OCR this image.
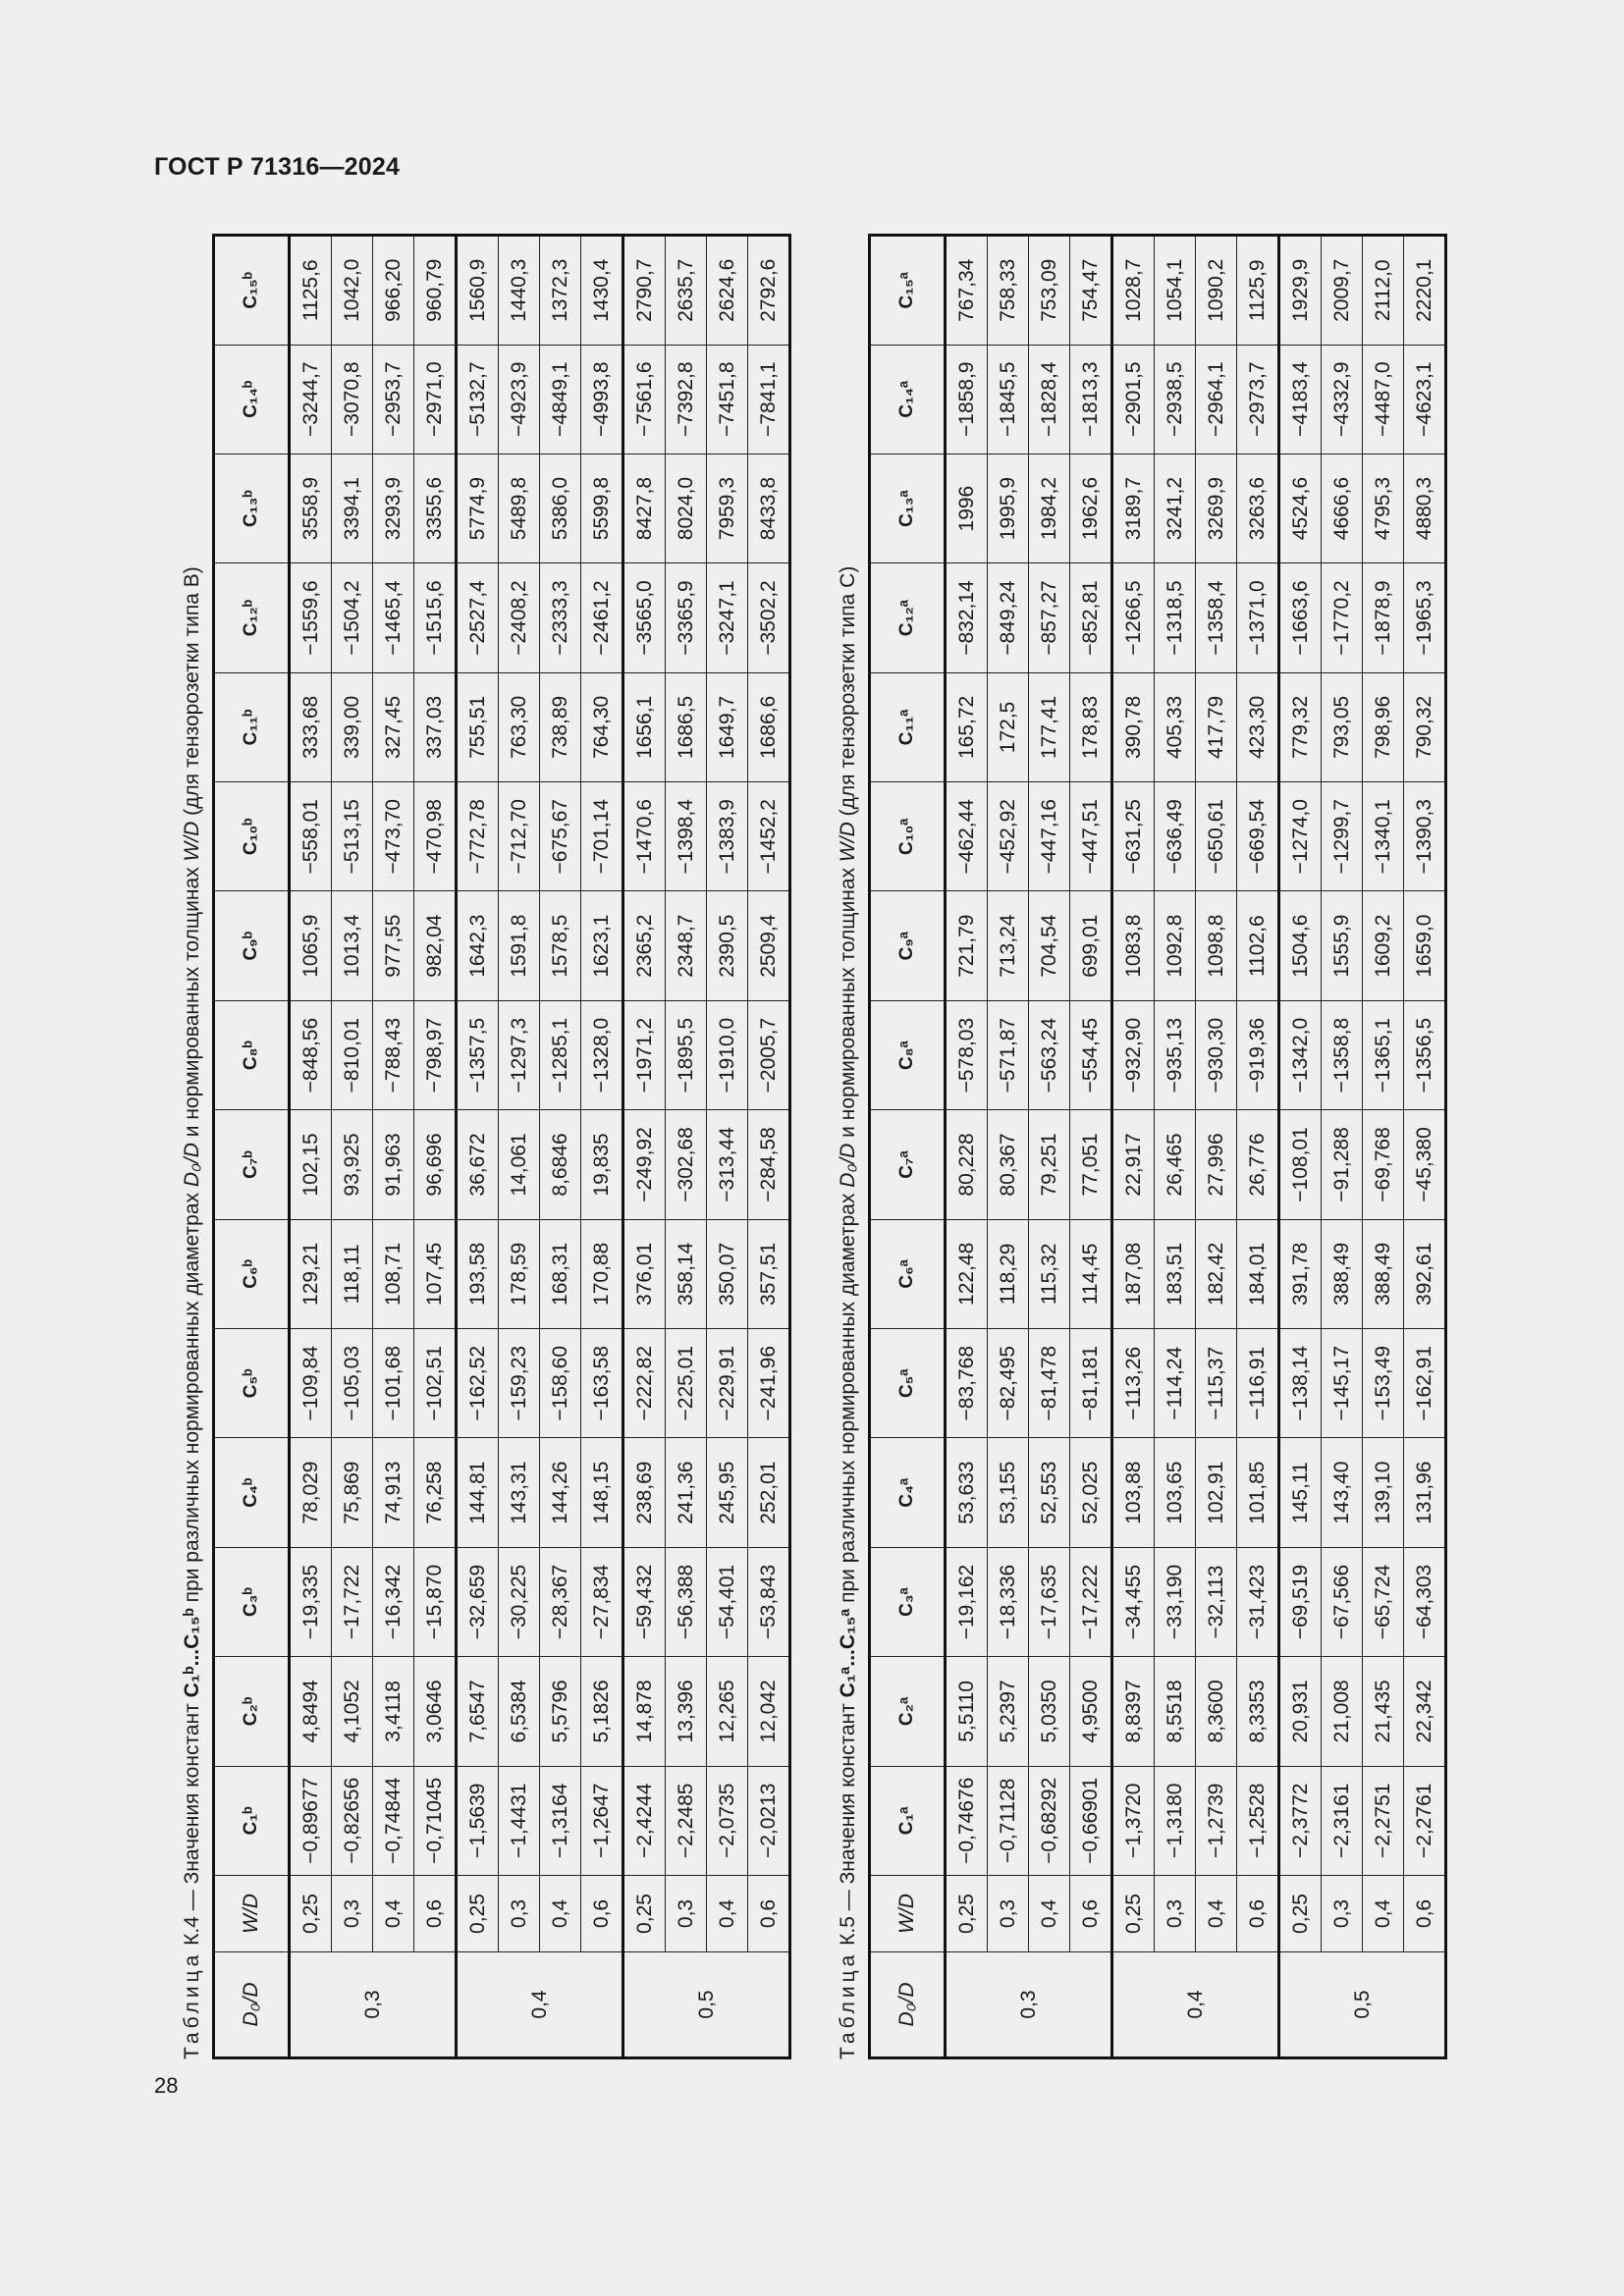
ГОСТ Р 71316—2024
Таблица К.4 — Значения констант C₁ᵇ...C₁₅ᵇ при различных нормированных диаметрах D₀/D и нормированных толщинах W/D (для тензорозетки типа В)
D₀/D	W/D	C₁ᵇ	C₂ᵇ	C₃ᵇ	C₄ᵇ	C₅ᵇ	C₆ᵇ	C₇ᵇ	C₈ᵇ	C₉ᵇ	C₁₀ᵇ	C₁₁ᵇ	C₁₂ᵇ	C₁₃ᵇ	C₁₄ᵇ	C₁₅ᵇ
0,3	0,25	−0,89677	4,8494	−19,335	78,029	−109,84	129,21	102,15	−848,56	1065,9	−558,01	333,68	−1559,6	3558,9	−3244,7	1125,6
	0,3	−0,82656	4,1052	−17,722	75,869	−105,03	118,11	93,925	−810,01	1013,4	−513,15	339,00	−1504,2	3394,1	−3070,8	1042,0
	0,4	−0,74844	3,4118	−16,342	74,913	−101,68	108,71	91,963	−788,43	977,55	−473,70	327,45	−1465,4	3293,9	−2953,7	966,20
	0,6	−0,71045	3,0646	−15,870	76,258	−102,51	107,45	96,696	−798,97	982,04	−470,98	337,03	−1515,6	3355,6	−2971,0	960,79
0,4	0,25	−1,5639	7,6547	−32,659	144,81	−162,52	193,58	36,672	−1357,5	1642,3	−772,78	755,51	−2527,4	5774,9	−5132,7	1560,9
	0,3	−1,4431	6,5384	−30,225	143,31	−159,23	178,59	14,061	−1297,3	1591,8	−712,70	763,30	−2408,2	5489,8	−4923,9	1440,3
	0,4	−1,3164	5,5796	−28,367	144,26	−158,60	168,31	8,6846	−1285,1	1578,5	−675,67	738,89	−2333,3	5386,0	−4849,1	1372,3
	0,6	−1,2647	5,1826	−27,834	148,15	−163,58	170,88	19,835	−1328,0	1623,1	−701,14	764,30	−2461,2	5599,8	−4993,8	1430,4
0,5	0,25	−2,4244	14,878	−59,432	238,69	−222,82	376,01	−249,92	−1971,2	2365,2	−1470,6	1656,1	−3565,0	8427,8	−7561,6	2790,7
	0,3	−2,2485	13,396	−56,388	241,36	−225,01	358,14	−302,68	−1895,5	2348,7	−1398,4	1686,5	−3365,9	8024,0	−7392,8	2635,7
	0,4	−2,0735	12,265	−54,401	245,95	−229,91	350,07	−313,44	−1910,0	2390,5	−1383,9	1649,7	−3247,1	7959,3	−7451,8	2624,6
	0,6	−2,0213	12,042	−53,843	252,01	−241,96	357,51	−284,58	−2005,7	2509,4	−1452,2	1686,6	−3502,2	8433,8	−7841,1	2792,6
Таблица К.5 — Значения констант C₁ᵃ...C₁₅ᵃ при различных нормированных диаметрах D₀/D и нормированных толщинах W/D (для тензорозетки типа С)
D₀/D	W/D	C₁ᵃ	C₂ᵃ	C₃ᵃ	C₄ᵃ	C₅ᵃ	C₆ᵃ	C₇ᵃ	C₈ᵃ	C₉ᵃ	C₁₀ᵃ	C₁₁ᵃ	C₁₂ᵃ	C₁₃ᵃ	C₁₄ᵃ	C₁₅ᵃ
0,3	0,25	−0,74676	5,5110	−19,162	53,633	−83,768	122,48	80,228	−578,03	721,79	−462,44	165,72	−832,14	1996	−1858,9	767,34
	0,3	−0,71128	5,2397	−18,336	53,155	−82,495	118,29	80,367	−571,87	713,24	−452,92	172,5	−849,24	1995,9	−1845,5	758,33
	0,4	−0,68292	5,0350	−17,635	52,553	−81,478	115,32	79,251	−563,24	704,54	−447,16	177,41	−857,27	1984,2	−1828,4	753,09
	0,6	−0,66901	4,9500	−17,222	52,025	−81,181	114,45	77,051	−554,45	699,01	−447,51	178,83	−852,81	1962,6	−1813,3	754,47
0,4	0,25	−1,3720	8,8397	−34,455	103,88	−113,26	187,08	22,917	−932,90	1083,8	−631,25	390,78	−1266,5	3189,7	−2901,5	1028,7
	0,3	−1,3180	8,5518	−33,190	103,65	−114,24	183,51	26,465	−935,13	1092,8	−636,49	405,33	−1318,5	3241,2	−2938,5	1054,1
	0,4	−1,2739	8,3600	−32,113	102,91	−115,37	182,42	27,996	−930,30	1098,8	−650,61	417,79	−1358,4	3269,9	−2964,1	1090,2
	0,6	−1,2528	8,3353	−31,423	101,85	−116,91	184,01	26,776	−919,36	1102,6	−669,54	423,30	−1371,0	3263,6	−2973,7	1125,9
0,5	0,25	−2,3772	20,931	−69,519	145,11	−138,14	391,78	−108,01	−1342,0	1504,6	−1274,0	779,32	−1663,6	4524,6	−4183,4	1929,9
	0,3	−2,3161	21,008	−67,566	143,40	−145,17	388,49	−91,288	−1358,8	1555,9	−1299,7	793,05	−1770,2	4666,6	−4332,9	2009,7
	0,4	−2,2751	21,435	−65,724	139,10	−153,49	388,49	−69,768	−1365,1	1609,2	−1340,1	798,96	−1878,9	4795,3	−4487,0	2112,0
	0,6	−2,2761	22,342	−64,303	131,96	−162,91	392,61	−45,380	−1356,5	1659,0	−1390,3	790,32	−1965,3	4880,3	−4623,1	2220,1
28
